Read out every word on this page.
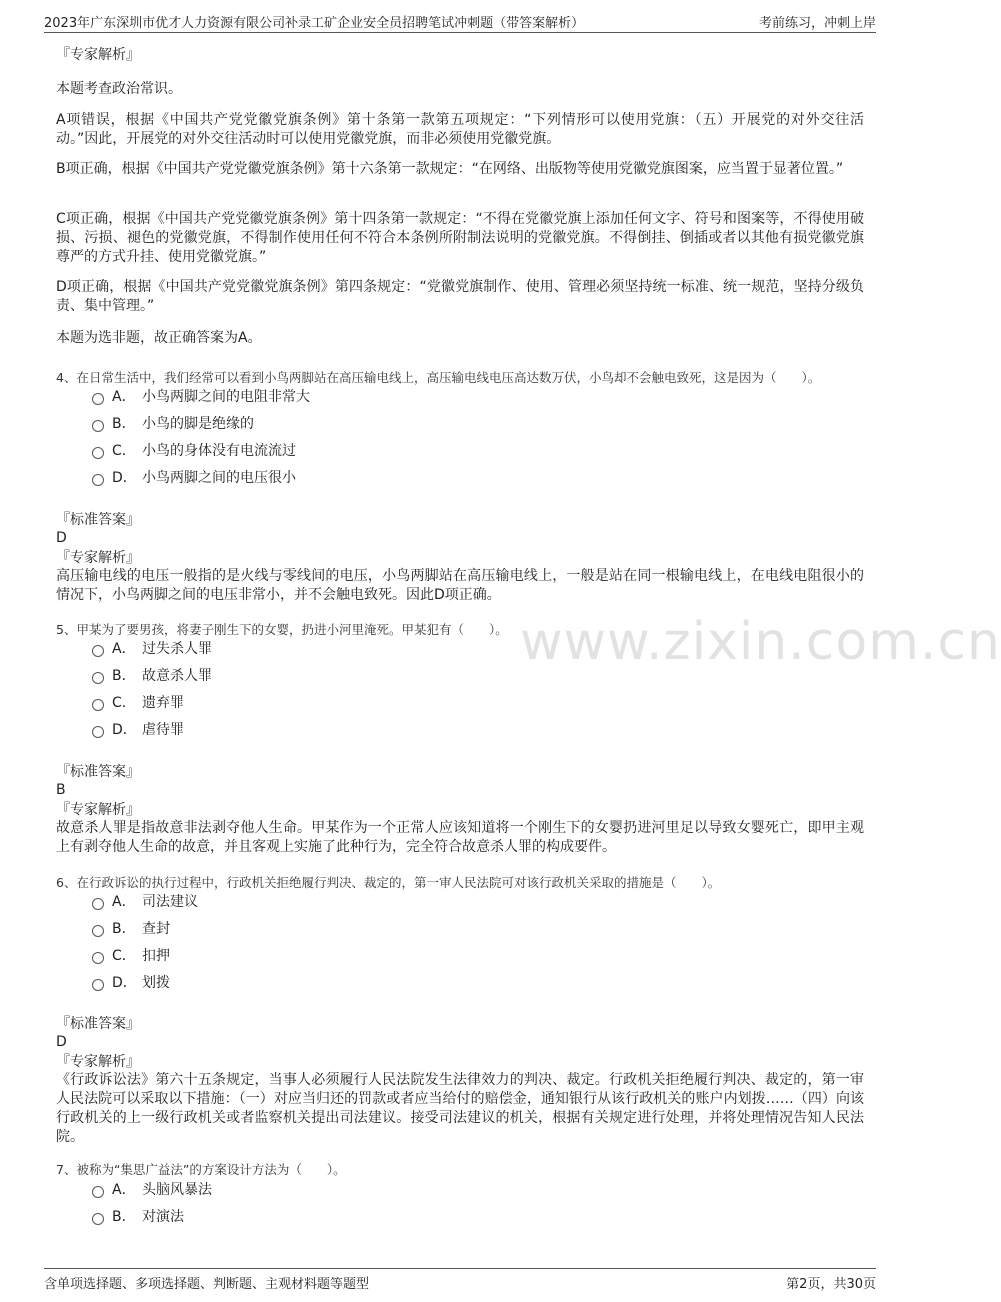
2023年广东深圳市优才人力资源有限公司补录工矿企业安全员招聘笔试冲刺题（带答案解析）	考前练习，冲刺上岸
『专家解析』
本题考查政治常识。
A项错误，根据《中国共产党党徽党旗条例》第十条第一款第五项规定：“下列情形可以使用党旗：（五）开展党的对外交往活动。”因此，开展党的对外交往活动时可以使用党徽党旗，而非必须使用党徽党旗。
B项正确，根据《中国共产党党徽党旗条例》第十六条第一款规定：“在网络、出版物等使用党徽党旗图案，应当置于显著位置。”
C项正确，根据《中国共产党党徽党旗条例》第十四条第一款规定：“不得在党徽党旗上添加任何文字、符号和图案等，不得使用破损、污损、褪色的党徽党旗，不得制作使用任何不符合本条例所附制法说明的党徽党旗。不得倒挂、倒插或者以其他有损党徽党旗尊严的方式升挂、使用党徽党旗。”
D项正确，根据《中国共产党党徽党旗条例》第四条规定：“党徽党旗制作、使用、管理必须坚持统一标准、统一规范，坚持分级负责、集中管理。”
本题为选非题，故正确答案为A。
4、在日常生活中，我们经常可以看到小鸟两脚站在高压输电线上，高压输电线电压高达数万伏，小鸟却不会触电致死，这是因为（　　）。
A． 小鸟两脚之间的电阻非常大
B． 小鸟的脚是绝缘的
C． 小鸟的身体没有电流流过
D． 小鸟两脚之间的电压很小
『标准答案』
D
『专家解析』
高压输电线的电压一般指的是火线与零线间的电压，小鸟两脚站在高压输电线上，一般是站在同一根输电线上，在电线电阻很小的情况下，小鸟两脚之间的电压非常小，并不会触电致死。因此D项正确。
5、甲某为了要男孩，将妻子刚生下的女婴，扔进小河里淹死。甲某犯有（　　）。
A． 过失杀人罪
B． 故意杀人罪
C． 遗弃罪
D． 虐待罪
『标准答案』
B
『专家解析』
故意杀人罪是指故意非法剥夺他人生命。甲某作为一个正常人应该知道将一个刚生下的女婴扔进河里足以导致女婴死亡，即甲主观上有剥夺他人生命的故意，并且客观上实施了此种行为，完全符合故意杀人罪的构成要件。
6、在行政诉讼的执行过程中，行政机关拒绝履行判决、裁定的，第一审人民法院可对该行政机关采取的措施是（　　）。
A． 司法建议
B． 查封
C． 扣押
D． 划拨
『标准答案』
D
『专家解析』
《行政诉讼法》第六十五条规定，当事人必须履行人民法院发生法律效力的判决、裁定。行政机关拒绝履行判决、裁定的，第一审人民法院可以采取以下措施：（一）对应当归还的罚款或者应当给付的赔偿金，通知银行从该行政机关的账户内划拨……（四）向该行政机关的上一级行政机关或者监察机关提出司法建议。接受司法建议的机关，根据有关规定进行处理，并将处理情况告知人民法院。
7、被称为“集思广益法”的方案设计方法为（　　）。
A． 头脑风暴法
B． 对演法
www.zixin.com.cn
含单项选择题、多项选择题、判断题、主观材料题等题型	第2页，共30页
